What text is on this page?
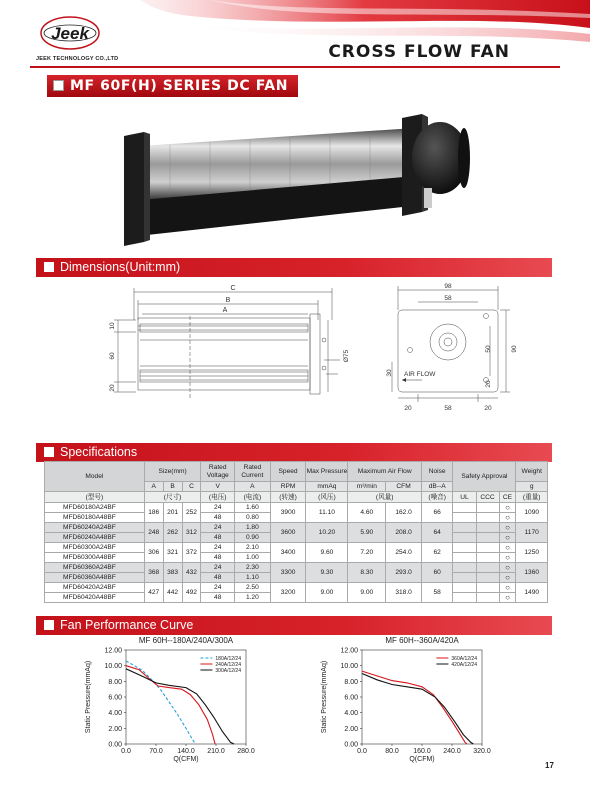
Jeek
JEEK TECHNOLOGY CO.,LTD	CROSS FLOW FAN
MF 60F(H) SERIES DC FAN
Dimensions(Unit:mm)
C
B
A
10
60
20
Ø75
98
58
50	90
30
20
AIR FLOW
20	58	20
Specifications
Model	Size(mm)			Rated Voltage	Rated Current	Speed	Max Pressure	Maximum Air Flow		Noise	Safety Approval			Weight
	A	B	C	V	A	RPM	mmAq	m³/min	CFM	dB--A				g
(型号)	(尺寸)			(电压)	(电流)	(转速)	(风压)	(风量)		(噪音)	UL	CCC	CE	(重量)
MFD60180A24BF	186	201	252	24	1.60	3900	11.10	4.60	162.0	66			○	1090
MFD60180A48BF				48	0.80								○	
MFD60240A24BF	248	262	312	24	1.80	3600	10.20	5.90	208.0	64			○	1170
MFD60240A48BF				48	0.90								○	
MFD60300A24BF	306	321	372	24	2.10	3400	9.60	7.20	254.0	62			○	1250
MFD60300A48BF				48	1.00								○	
MFD60360A24BF	368	383	432	24	2.30	3300	9.30	8.30	293.0	60			○	1360
MFD60360A48BF				48	1.10								○	
MFD60420A24BF	427	442	492	24	2.50	3200	9.00	9.00	318.0	58			○	1490
MFD60420A48BF				48	1.20								○	
Fan Performance Curve
MF 60H--180A/240A/300A
0.00
2.00
4.00
6.00
8.00
10.00
12.00
0.0	70.0 140.0 210.0 280.0
Q(CFM)
Static Pressure(mmAq)
180A/12/24
240A/12/24
300A/12/24
MF 60H--360A/420A
0.00
2.00
4.00
6.00
8.00
10.00
12.00
0.0	80.0 160.0 240.0 320.0
Q(CFM)
Static Pressure(mmAq)
360A/12/24
420A/12/24
17
